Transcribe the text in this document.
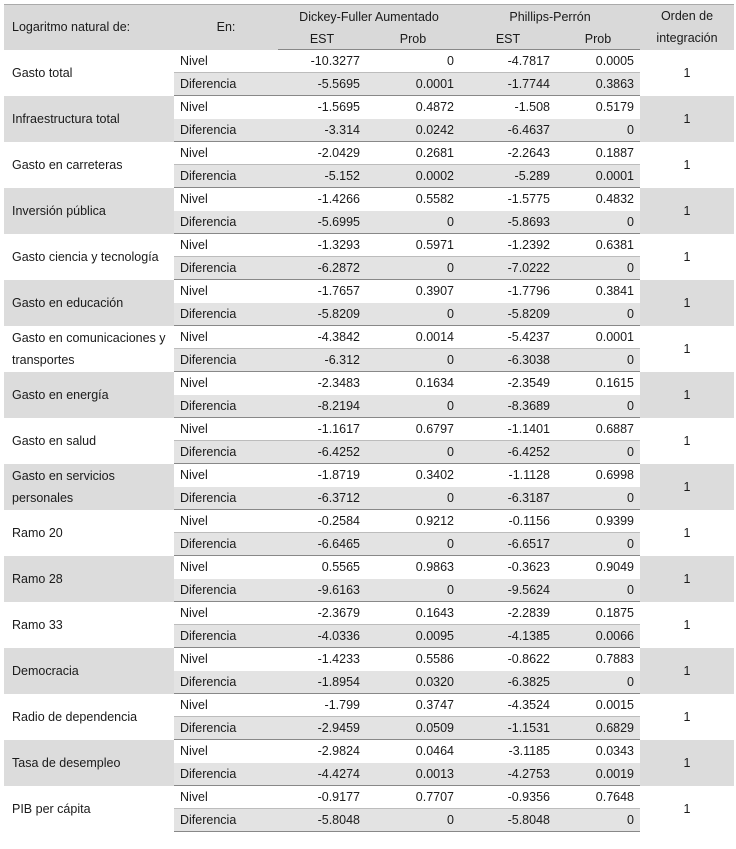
Logaritmo natural de:	En:	Dickey-Fuller Aumentado		Phillips-Perrón		Orden de integración
		EST	Prob	EST	Prob	
Gasto total	Nivel	-10.3277	0	-4.7817	0.0005	1
	Diferencia	-5.5695	0.0001	-1.7744	0.3863	
Infraestructura total	Nivel	-1.5695	0.4872	-1.508	0.5179	1
	Diferencia	-3.314	0.0242	-6.4637	0	
Gasto en carreteras	Nivel	-2.0429	0.2681	-2.2643	0.1887	1
	Diferencia	-5.152	0.0002	-5.289	0.0001	
Inversión pública	Nivel	-1.4266	0.5582	-1.5775	0.4832	1
	Diferencia	-5.6995	0	-5.8693	0	
Gasto ciencia y tecnología	Nivel	-1.3293	0.5971	-1.2392	0.6381	1
	Diferencia	-6.2872	0	-7.0222	0	
Gasto en educación	Nivel	-1.7657	0.3907	-1.7796	0.3841	1
	Diferencia	-5.8209	0	-5.8209	0	
Gasto en comunicaciones y transportes	Nivel	-4.3842	0.0014	-5.4237	0.0001	1
	Diferencia	-6.312	0	-6.3038	0	
Gasto en energía	Nivel	-2.3483	0.1634	-2.3549	0.1615	1
	Diferencia	-8.2194	0	-8.3689	0	
Gasto en salud	Nivel	-1.1617	0.6797	-1.1401	0.6887	1
	Diferencia	-6.4252	0	-6.4252	0	
Gasto en servicios personales	Nivel	-1.8719	0.3402	-1.1128	0.6998	1
	Diferencia	-6.3712	0	-6.3187	0	
Ramo 20	Nivel	-0.2584	0.9212	-0.1156	0.9399	1
	Diferencia	-6.6465	0	-6.6517	0	
Ramo 28	Nivel	0.5565	0.9863	-0.3623	0.9049	1
	Diferencia	-9.6163	0	-9.5624	0	
Ramo 33	Nivel	-2.3679	0.1643	-2.2839	0.1875	1
	Diferencia	-4.0336	0.0095	-4.1385	0.0066	
Democracia	Nivel	-1.4233	0.5586	-0.8622	0.7883	1
	Diferencia	-1.8954	0.0320	-6.3825	0	
Radio de dependencia	Nivel	-1.799	0.3747	-4.3524	0.0015	1
	Diferencia	-2.9459	0.0509	-1.1531	0.6829	
Tasa de desempleo	Nivel	-2.9824	0.0464	-3.1185	0.0343	1
	Diferencia	-4.4274	0.0013	-4.2753	0.0019	
PIB per cápita	Nivel	-0.9177	0.7707	-0.9356	0.7648	1
	Diferencia	-5.8048	0	-5.8048	0	
